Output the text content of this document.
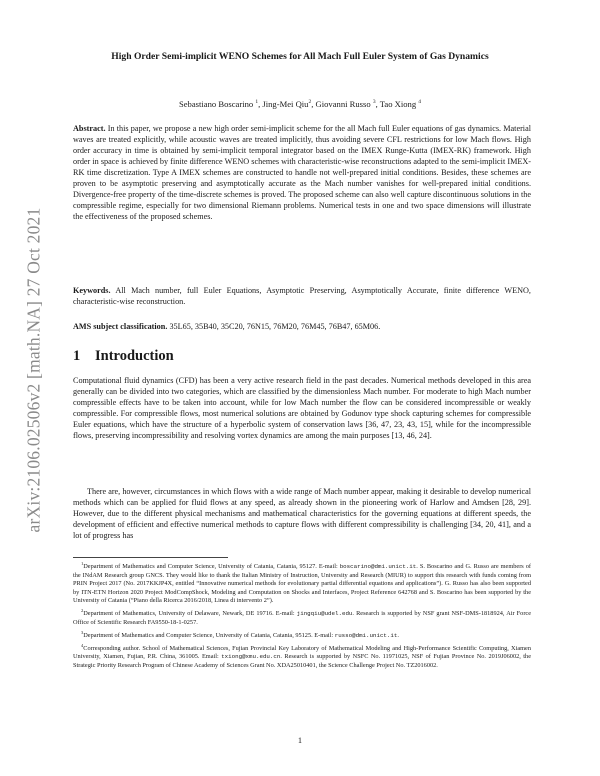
arXiv:2106.02506v2 [math.NA] 27 Oct 2021
High Order Semi-implicit WENO Schemes for All Mach Full Euler System of Gas Dynamics
Sebastiano Boscarino $^1$, Jing-Mei Qiu$^2$, Giovanni Russo $^3$, Tao Xiong $^4$

Abstract. In this paper, we propose a new high order semi-implicit scheme for the all Mach full Euler equations of gas dynamics. Material waves are treated explicitly, while acoustic waves are treated implicitly, thus avoiding severe CFL restrictions for low Mach flows. High order accuracy in time is obtained by semi-implicit temporal integrator based on the IMEX Runge-Kutta (IMEX-RK) framework. High order in space is achieved by finite difference WENO schemes with characteristic-wise reconstructions adapted to the semi-implicit IMEX-RK time discretization. Type A IMEX schemes are constructed to handle not well-prepared initial conditions. Besides, these schemes are proven to be asymptotic preserving and asymptotically accurate as the Mach number vanishes for well-prepared initial conditions. Divergence-free property of the time-discrete schemes is proved. The proposed scheme can also well capture discontinuous solutions in the compressible regime, especially for two dimensional Riemann problems. Numerical tests in one and two space dimensions will illustrate the effectiveness of the proposed schemes.

Keywords. All Mach number, full Euler Equations, Asymptotic Preserving, Asymptotically Accurate, finite difference WENO, characteristic-wise reconstruction.

AMS subject classification. 35L65, 35B40, 35C20, 76N15, 76M20, 76M45, 76B47, 65M06.

1 Introduction

Computational fluid dynamics (CFD) has been a very active research field in the past decades. Numerical methods developed in this area generally can be divided into two categories, which are classified by the dimensionless Mach number. For moderate to high Mach number compressible effects have to be taken into account, while for low Mach number the flow can be considered incompressible or weakly compressible. For compressible flows, most numerical solutions are obtained by Godunov type shock capturing schemes for compressible Euler equations, which have the structure of a hyperbolic system of conservation laws [36, 47, 23, 43, 15], while for the incompressible flows, preserving incompressibility and resolving vortex dynamics are among the main purposes [13, 46, 24].

There are, however, circumstances in which flows with a wide range of Mach number appear, making it desirable to develop numerical methods which can be applied for fluid flows at any speed, as already shown in the pioneering work of Harlow and Amdsen [28, 29]. However, due to the different physical mechanisms and mathematical characteristics for the governing equations at different speeds, the development of efficient and effective numerical methods to capture flows with different compressibility is challenging [34, 20, 41], and a lot of progress has

$^1$Department of Mathematics and Computer Science, University of Catania, Catania, 95127. E-mail: boscarino@dmi.unict.it. S. Boscarino and G. Russo are members of the INdAM Research group GNCS. They would like to thank the Italian Ministry of Instruction, University and Research (MIUR) to support this research with funds coming from PRIN Project 2017 (No. 2017KKJP4X, entitled “Innovative numerical methods for evolutionary partial differential equations and applications”). G. Russo has also been supported by ITN-ETN Horizon 2020 Project ModCompShock, Modeling and Computation on Shocks and Interfaces, Project Reference 642768 and S. Boscarino has been supported by the University of Catania (“Piano della Ricerca 2016/2018, Linea di intervento 2”).

$^2$Department of Mathematics, University of Delaware, Newark, DE 19716. E-mail: jingqiu@udel.edu. Research is supported by NSF grant NSF-DMS-1818924, Air Force Office of Scientific Research FA9550-18-1-0257.

$^3$Department of Mathematics and Computer Science, University of Catania, Catania, 95125. E-mail: russo@dmi.unict.it.

$^4$Corresponding author. School of Mathematical Sciences, Fujian Provincial Key Laboratory of Mathematical Modeling and High-Performance Scientific Computing, Xiamen University, Xiamen, Fujian, P.R. China, 361005. Email: txiong@xmu.edu.cn. Research is supported by NSFC No. 11971025, NSF of Fujian Province No. 2019J06002, the Strategic Priority Research Program of Chinese Academy of Sciences Grant No. XDA25010401, the Science Challenge Project No. TZ2016002.

1
